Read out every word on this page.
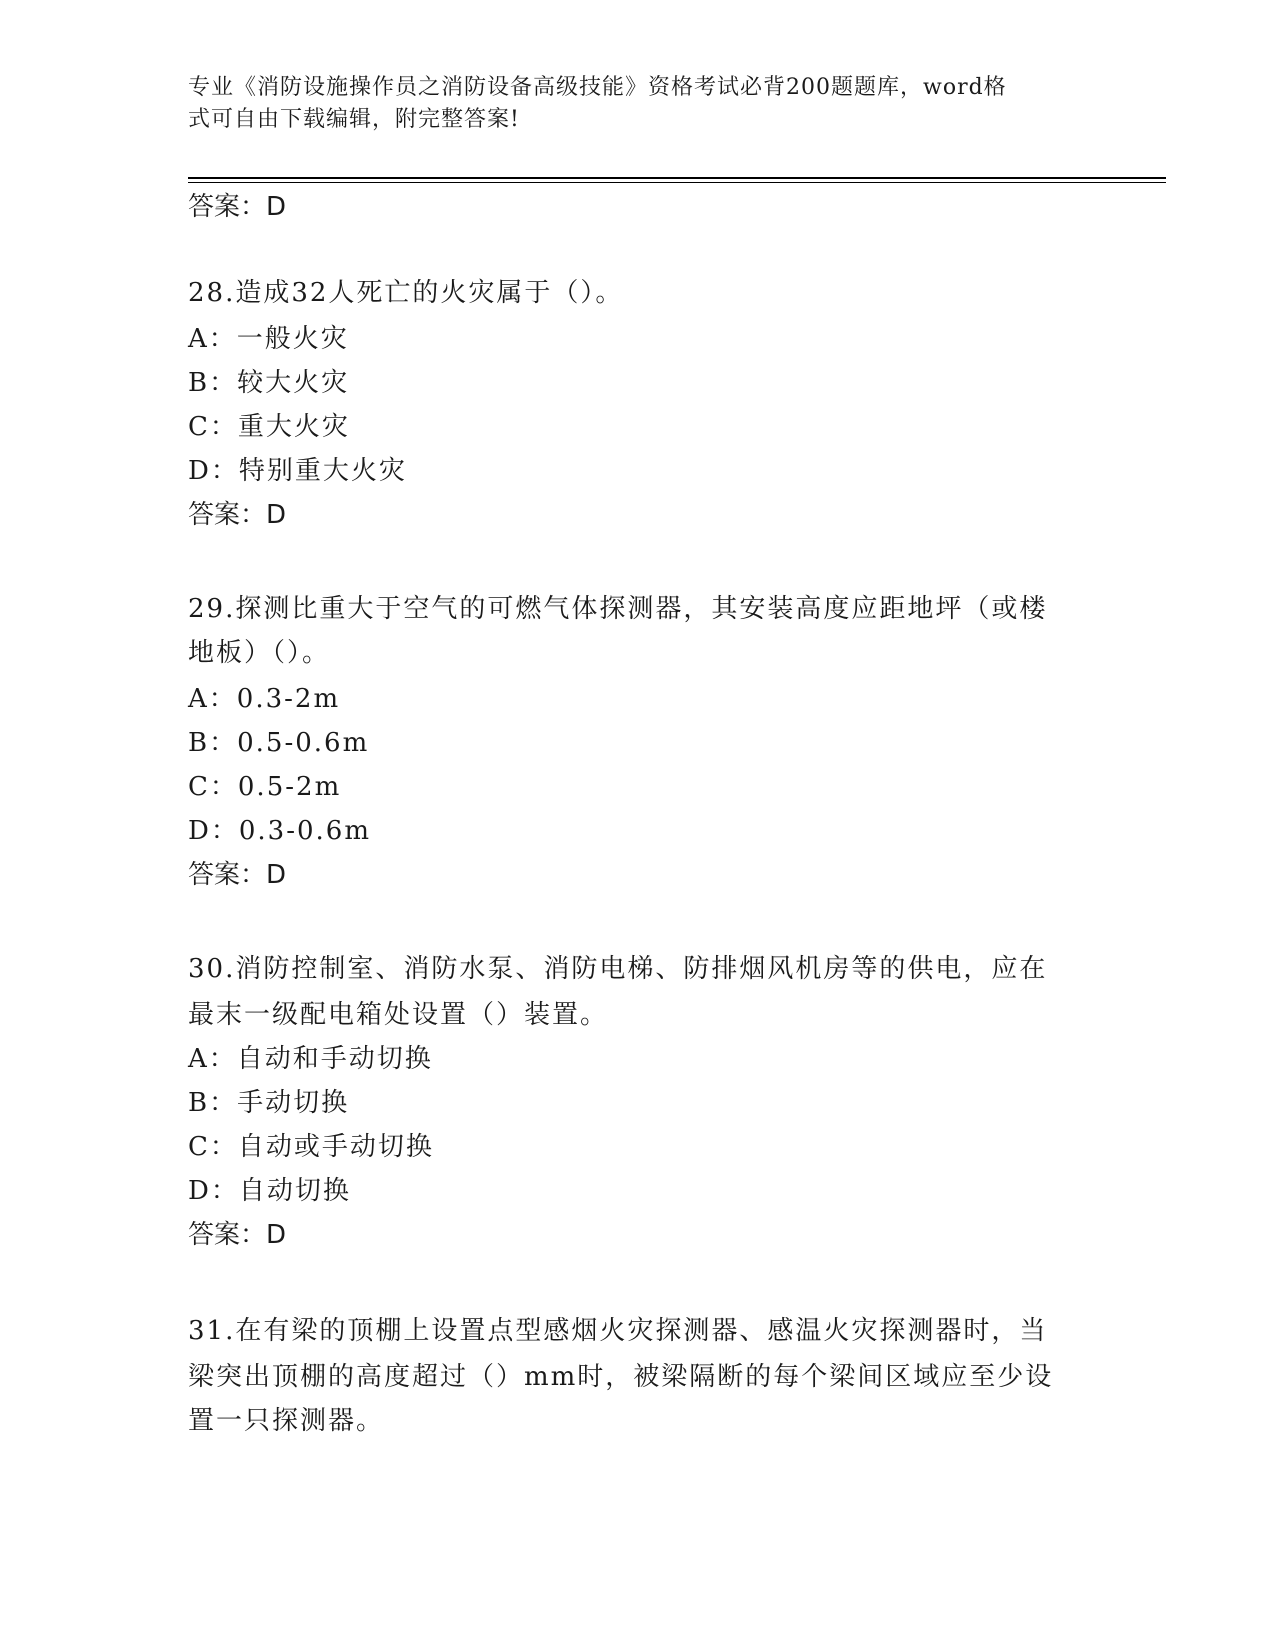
专业《消防设施操作员之消防设备高级技能》资格考试必背200题题库，word格
式可自由下载编辑，附完整答案!
答案：D
28.造成32人死亡的火灾属于（）。
A：一般火灾
B：较大火灾
C：重大火灾
D：特别重大火灾
答案：D
29.探测比重大于空气的可燃气体探测器，其安装高度应距地坪（或楼
地板）（）。
A：0.3-2m
B：0.5-0.6m
C：0.5-2m
D：0.3-0.6m
答案：D
30.消防控制室、消防水泵、消防电梯、防排烟风机房等的供电，应在
最末一级配电箱处设置（）装置。
A：自动和手动切换
B：手动切换
C：自动或手动切换
D：自动切换
答案：D
31.在有梁的顶棚上设置点型感烟火灾探测器、感温火灾探测器时，当
梁突出顶棚的高度超过（）mm时，被梁隔断的每个梁间区域应至少设
置一只探测器。
